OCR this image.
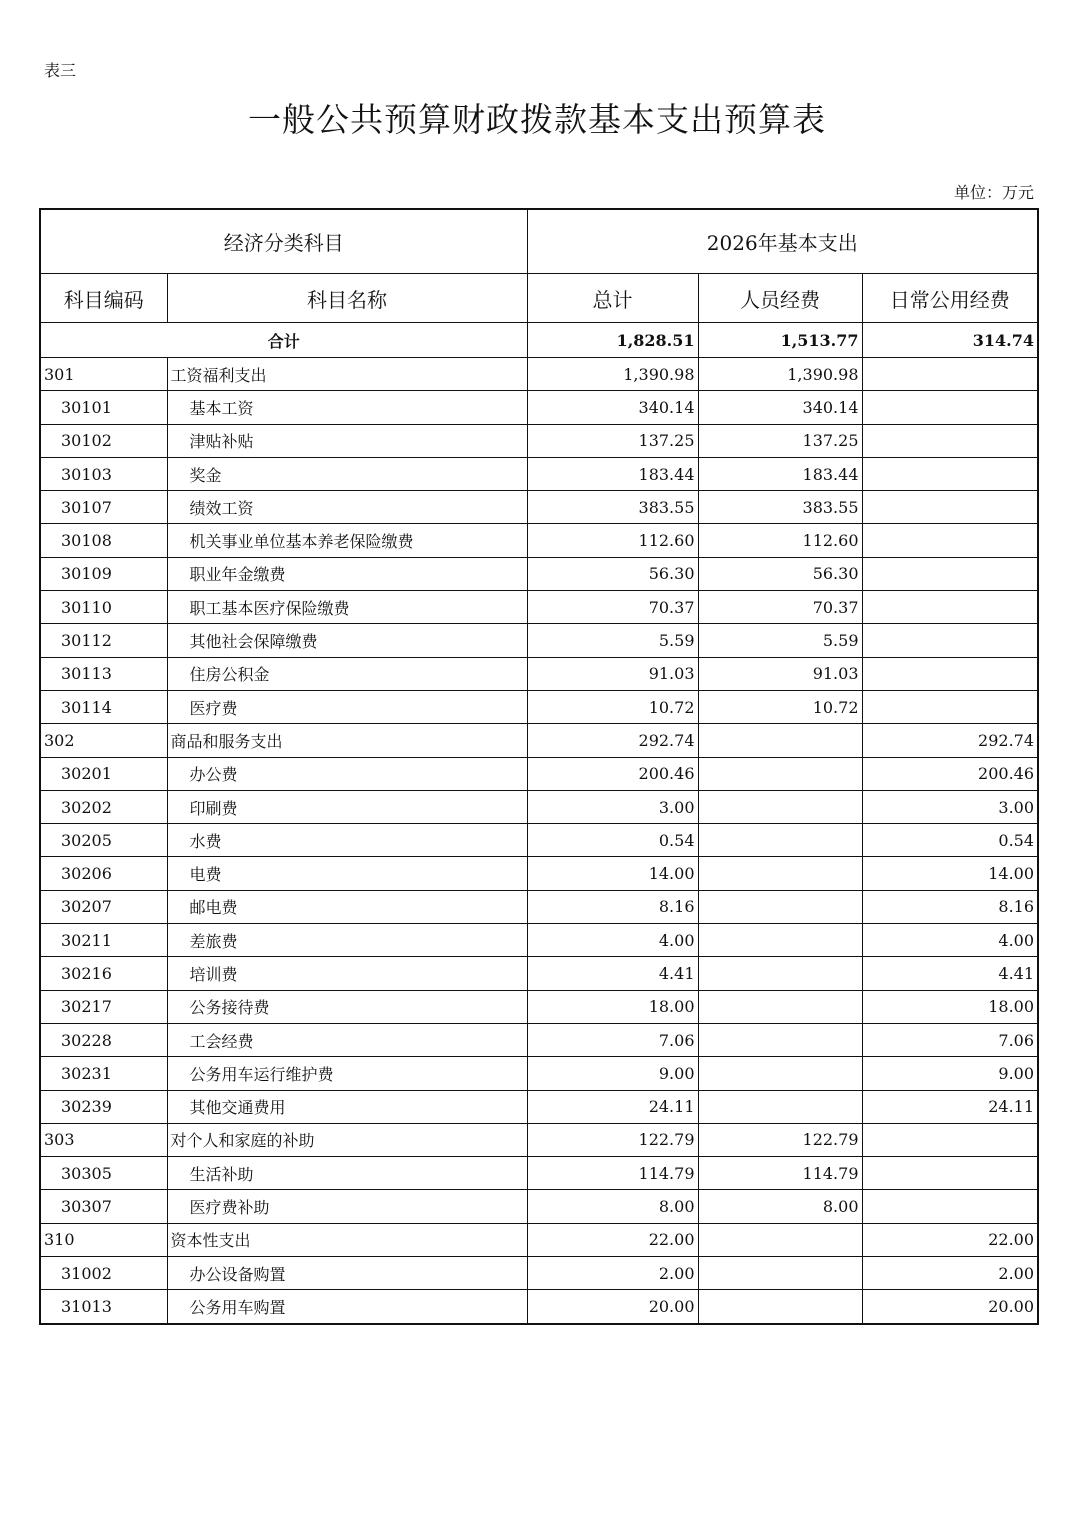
表三
一般公共预算财政拨款基本支出预算表
单位：万元
经济分类科目		2026年基本支出		
科目编码	科目名称	总计	人员经费	日常公用经费
合计		1,828.51	1,513.77	314.74
301	工资福利支出	1,390.98	1,390.98	
30101	基本工资	340.14	340.14	
30102	津贴补贴	137.25	137.25	
30103	奖金	183.44	183.44	
30107	绩效工资	383.55	383.55	
30108	机关事业单位基本养老保险缴费	112.60	112.60	
30109	职业年金缴费	56.30	56.30	
30110	职工基本医疗保险缴费	70.37	70.37	
30112	其他社会保障缴费	5.59	5.59	
30113	住房公积金	91.03	91.03	
30114	医疗费	10.72	10.72	
302	商品和服务支出	292.74		292.74
30201	办公费	200.46		200.46
30202	印刷费	3.00		3.00
30205	水费	0.54		0.54
30206	电费	14.00		14.00
30207	邮电费	8.16		8.16
30211	差旅费	4.00		4.00
30216	培训费	4.41		4.41
30217	公务接待费	18.00		18.00
30228	工会经费	7.06		7.06
30231	公务用车运行维护费	9.00		9.00
30239	其他交通费用	24.11		24.11
303	对个人和家庭的补助	122.79	122.79	
30305	生活补助	114.79	114.79	
30307	医疗费补助	8.00	8.00	
310	资本性支出	22.00		22.00
31002	办公设备购置	2.00		2.00
31013	公务用车购置	20.00		20.00
